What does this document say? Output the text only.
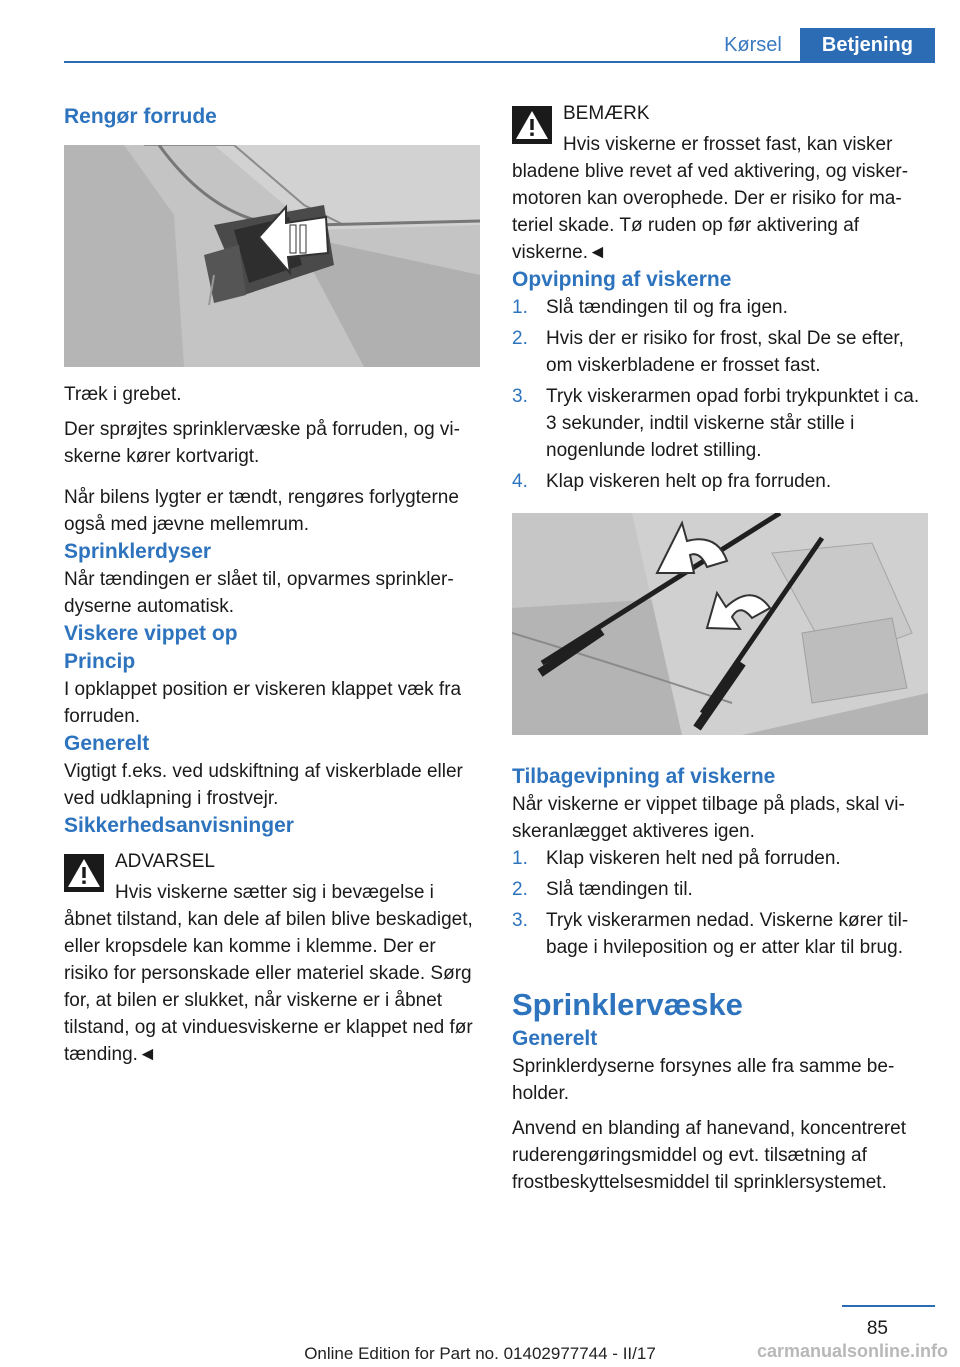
Kørsel	Betjening
Rengør forrude

Træk i grebet.

Der sprøjtes sprinklervæske på forruden, og viskerne kører kortvarigt.

Når bilens lygter er tændt, rengøres forlygterne også med jævne mellemrum.

Sprinklerdyser

Når tændingen er slået til, opvarmes sprinklerdyserne automatisk.

Viskere vippet op
Princip

I opklappet position er viskeren klappet væk fra forruden.

Generelt

Vigtigt f.eks. ved udskiftning af viskerblade eller ved udklapning i frostvejr.

Sikkerhedsanvisninger

ADVARSEL

Hvis viskerne sætter sig i bevægelse i

åbnet tilstand, kan dele af bilen blive beskadiget, eller kropsdele kan komme i klemme. Der er risiko for personskade eller materiel skade. Sørg for, at bilen er slukket, når viskerne er i åbnet tilstand, og at vinduesviskerne er klappet ned før tænding.◄

BEMÆRK

Hvis viskerne er frosset fast, kan visker

bladene blive revet af ved aktivering, og viskermotoren kan overophede. Der er risiko for materiel skade. Tø ruden op før aktivering af viskerne.◄

Opvipning af viskerne
1. Slå tændingen til og fra igen.
2. Hvis der er risiko for frost, skal De se efter, om viskerbladene er frosset fast.
3. Tryk viskerarmen opad forbi trykpunktet i ca. 3 sekunder, indtil viskerne står stille i nogenlunde lodret stilling.
4. Klap viskeren helt op fra forruden.
Tilbagevipning af viskerne

Når viskerne er vippet tilbage på plads, skal viskeranlægget aktiveres igen.

1. Klap viskeren helt ned på forruden.
2. Slå tændingen til.
3. Tryk viskerarmen nedad. Viskerne kører tilbage i hvileposition og er atter klar til brug.
Sprinklervæske
Generelt

Sprinklerdyserne forsynes alle fra samme beholder.

Anvend en blanding af hanevand, koncentreret ruderengøringsmiddel og evt. tilsætning af frostbeskyttelsesmiddel til sprinklersystemet.

85
Online Edition for Part no. 01402977744 - II/17	carmanualsonline.info
